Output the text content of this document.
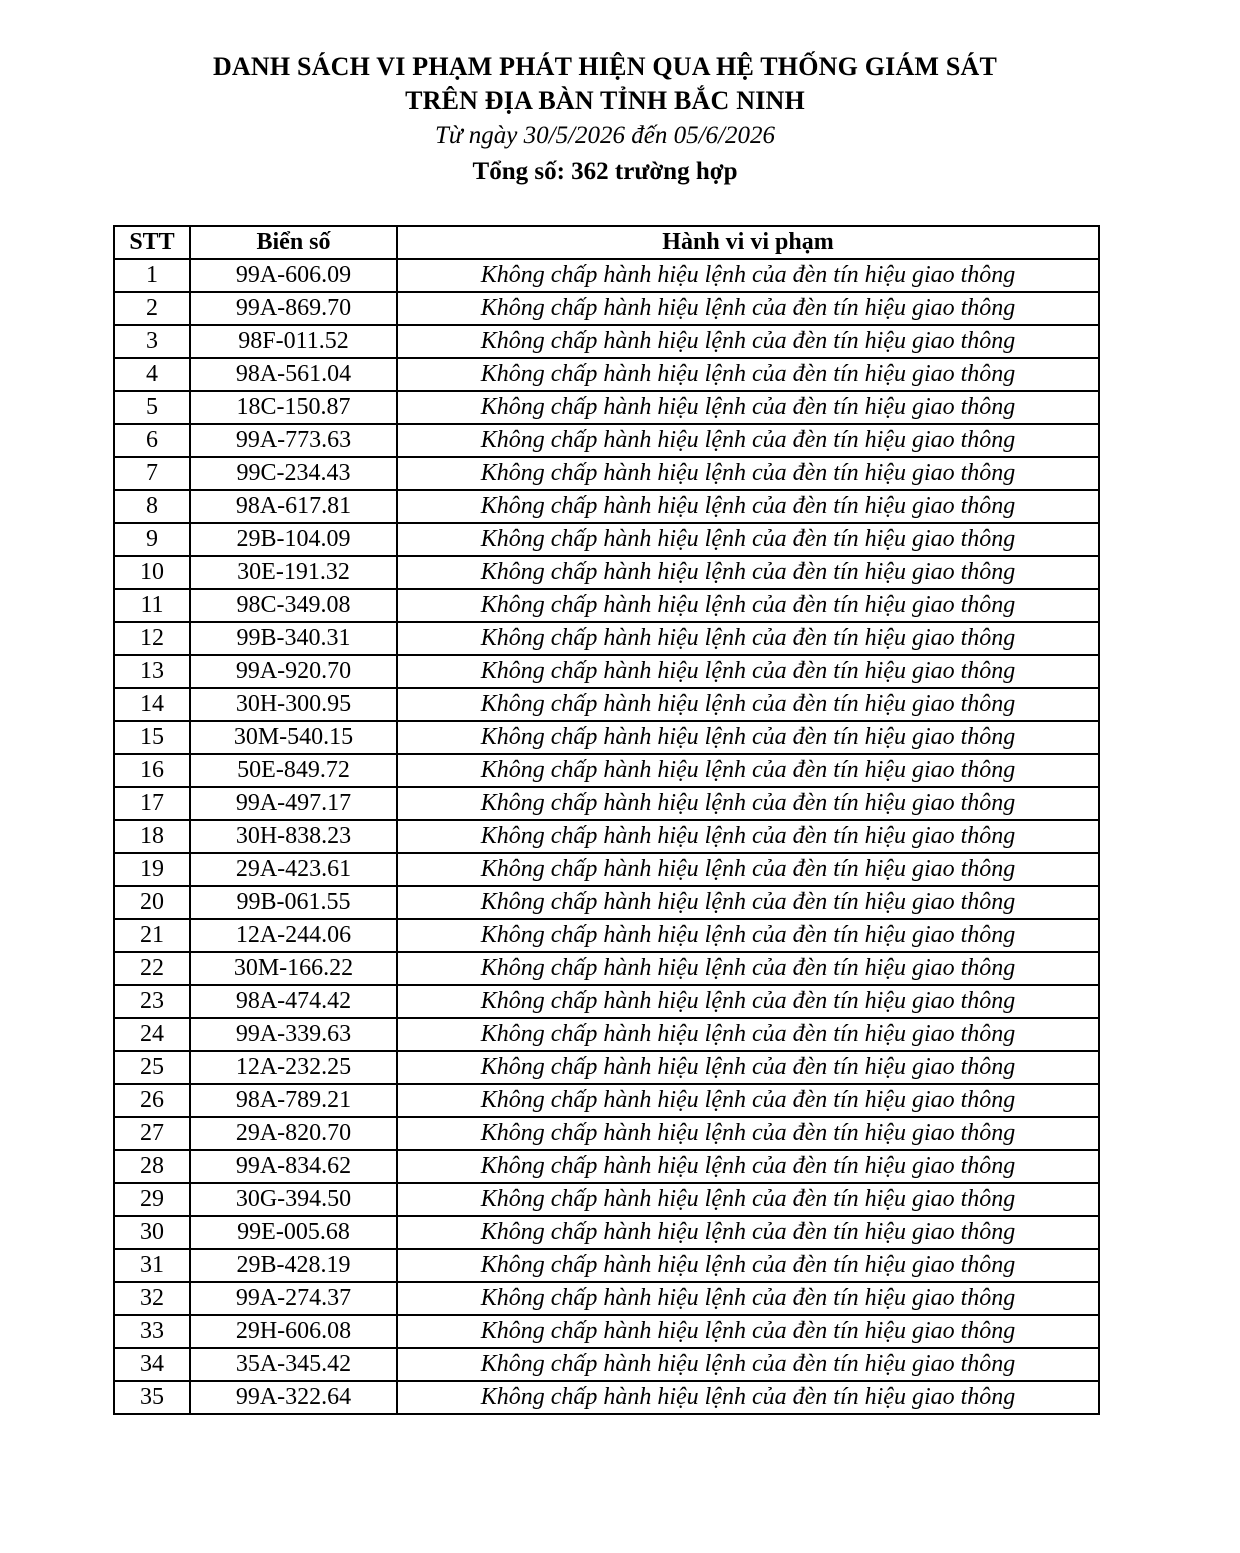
DANH SÁCH VI PHẠM PHÁT HIỆN QUA HỆ THỐNG GIÁM SÁT
TRÊN ĐỊA BÀN TỈNH BẮC NINH
Từ ngày 30/5/2026 đến 05/6/2026
Tổng số: 362 trường hợp
STT	Biển số	Hành vi vi phạm
1	99A-606.09	Không chấp hành hiệu lệnh của đèn tín hiệu giao thông
2	99A-869.70	Không chấp hành hiệu lệnh của đèn tín hiệu giao thông
3	98F-011.52	Không chấp hành hiệu lệnh của đèn tín hiệu giao thông
4	98A-561.04	Không chấp hành hiệu lệnh của đèn tín hiệu giao thông
5	18C-150.87	Không chấp hành hiệu lệnh của đèn tín hiệu giao thông
6	99A-773.63	Không chấp hành hiệu lệnh của đèn tín hiệu giao thông
7	99C-234.43	Không chấp hành hiệu lệnh của đèn tín hiệu giao thông
8	98A-617.81	Không chấp hành hiệu lệnh của đèn tín hiệu giao thông
9	29B-104.09	Không chấp hành hiệu lệnh của đèn tín hiệu giao thông
10	30E-191.32	Không chấp hành hiệu lệnh của đèn tín hiệu giao thông
11	98C-349.08	Không chấp hành hiệu lệnh của đèn tín hiệu giao thông
12	99B-340.31	Không chấp hành hiệu lệnh của đèn tín hiệu giao thông
13	99A-920.70	Không chấp hành hiệu lệnh của đèn tín hiệu giao thông
14	30H-300.95	Không chấp hành hiệu lệnh của đèn tín hiệu giao thông
15	30M-540.15	Không chấp hành hiệu lệnh của đèn tín hiệu giao thông
16	50E-849.72	Không chấp hành hiệu lệnh của đèn tín hiệu giao thông
17	99A-497.17	Không chấp hành hiệu lệnh của đèn tín hiệu giao thông
18	30H-838.23	Không chấp hành hiệu lệnh của đèn tín hiệu giao thông
19	29A-423.61	Không chấp hành hiệu lệnh của đèn tín hiệu giao thông
20	99B-061.55	Không chấp hành hiệu lệnh của đèn tín hiệu giao thông
21	12A-244.06	Không chấp hành hiệu lệnh của đèn tín hiệu giao thông
22	30M-166.22	Không chấp hành hiệu lệnh của đèn tín hiệu giao thông
23	98A-474.42	Không chấp hành hiệu lệnh của đèn tín hiệu giao thông
24	99A-339.63	Không chấp hành hiệu lệnh của đèn tín hiệu giao thông
25	12A-232.25	Không chấp hành hiệu lệnh của đèn tín hiệu giao thông
26	98A-789.21	Không chấp hành hiệu lệnh của đèn tín hiệu giao thông
27	29A-820.70	Không chấp hành hiệu lệnh của đèn tín hiệu giao thông
28	99A-834.62	Không chấp hành hiệu lệnh của đèn tín hiệu giao thông
29	30G-394.50	Không chấp hành hiệu lệnh của đèn tín hiệu giao thông
30	99E-005.68	Không chấp hành hiệu lệnh của đèn tín hiệu giao thông
31	29B-428.19	Không chấp hành hiệu lệnh của đèn tín hiệu giao thông
32	99A-274.37	Không chấp hành hiệu lệnh của đèn tín hiệu giao thông
33	29H-606.08	Không chấp hành hiệu lệnh của đèn tín hiệu giao thông
34	35A-345.42	Không chấp hành hiệu lệnh của đèn tín hiệu giao thông
35	99A-322.64	Không chấp hành hiệu lệnh của đèn tín hiệu giao thông
